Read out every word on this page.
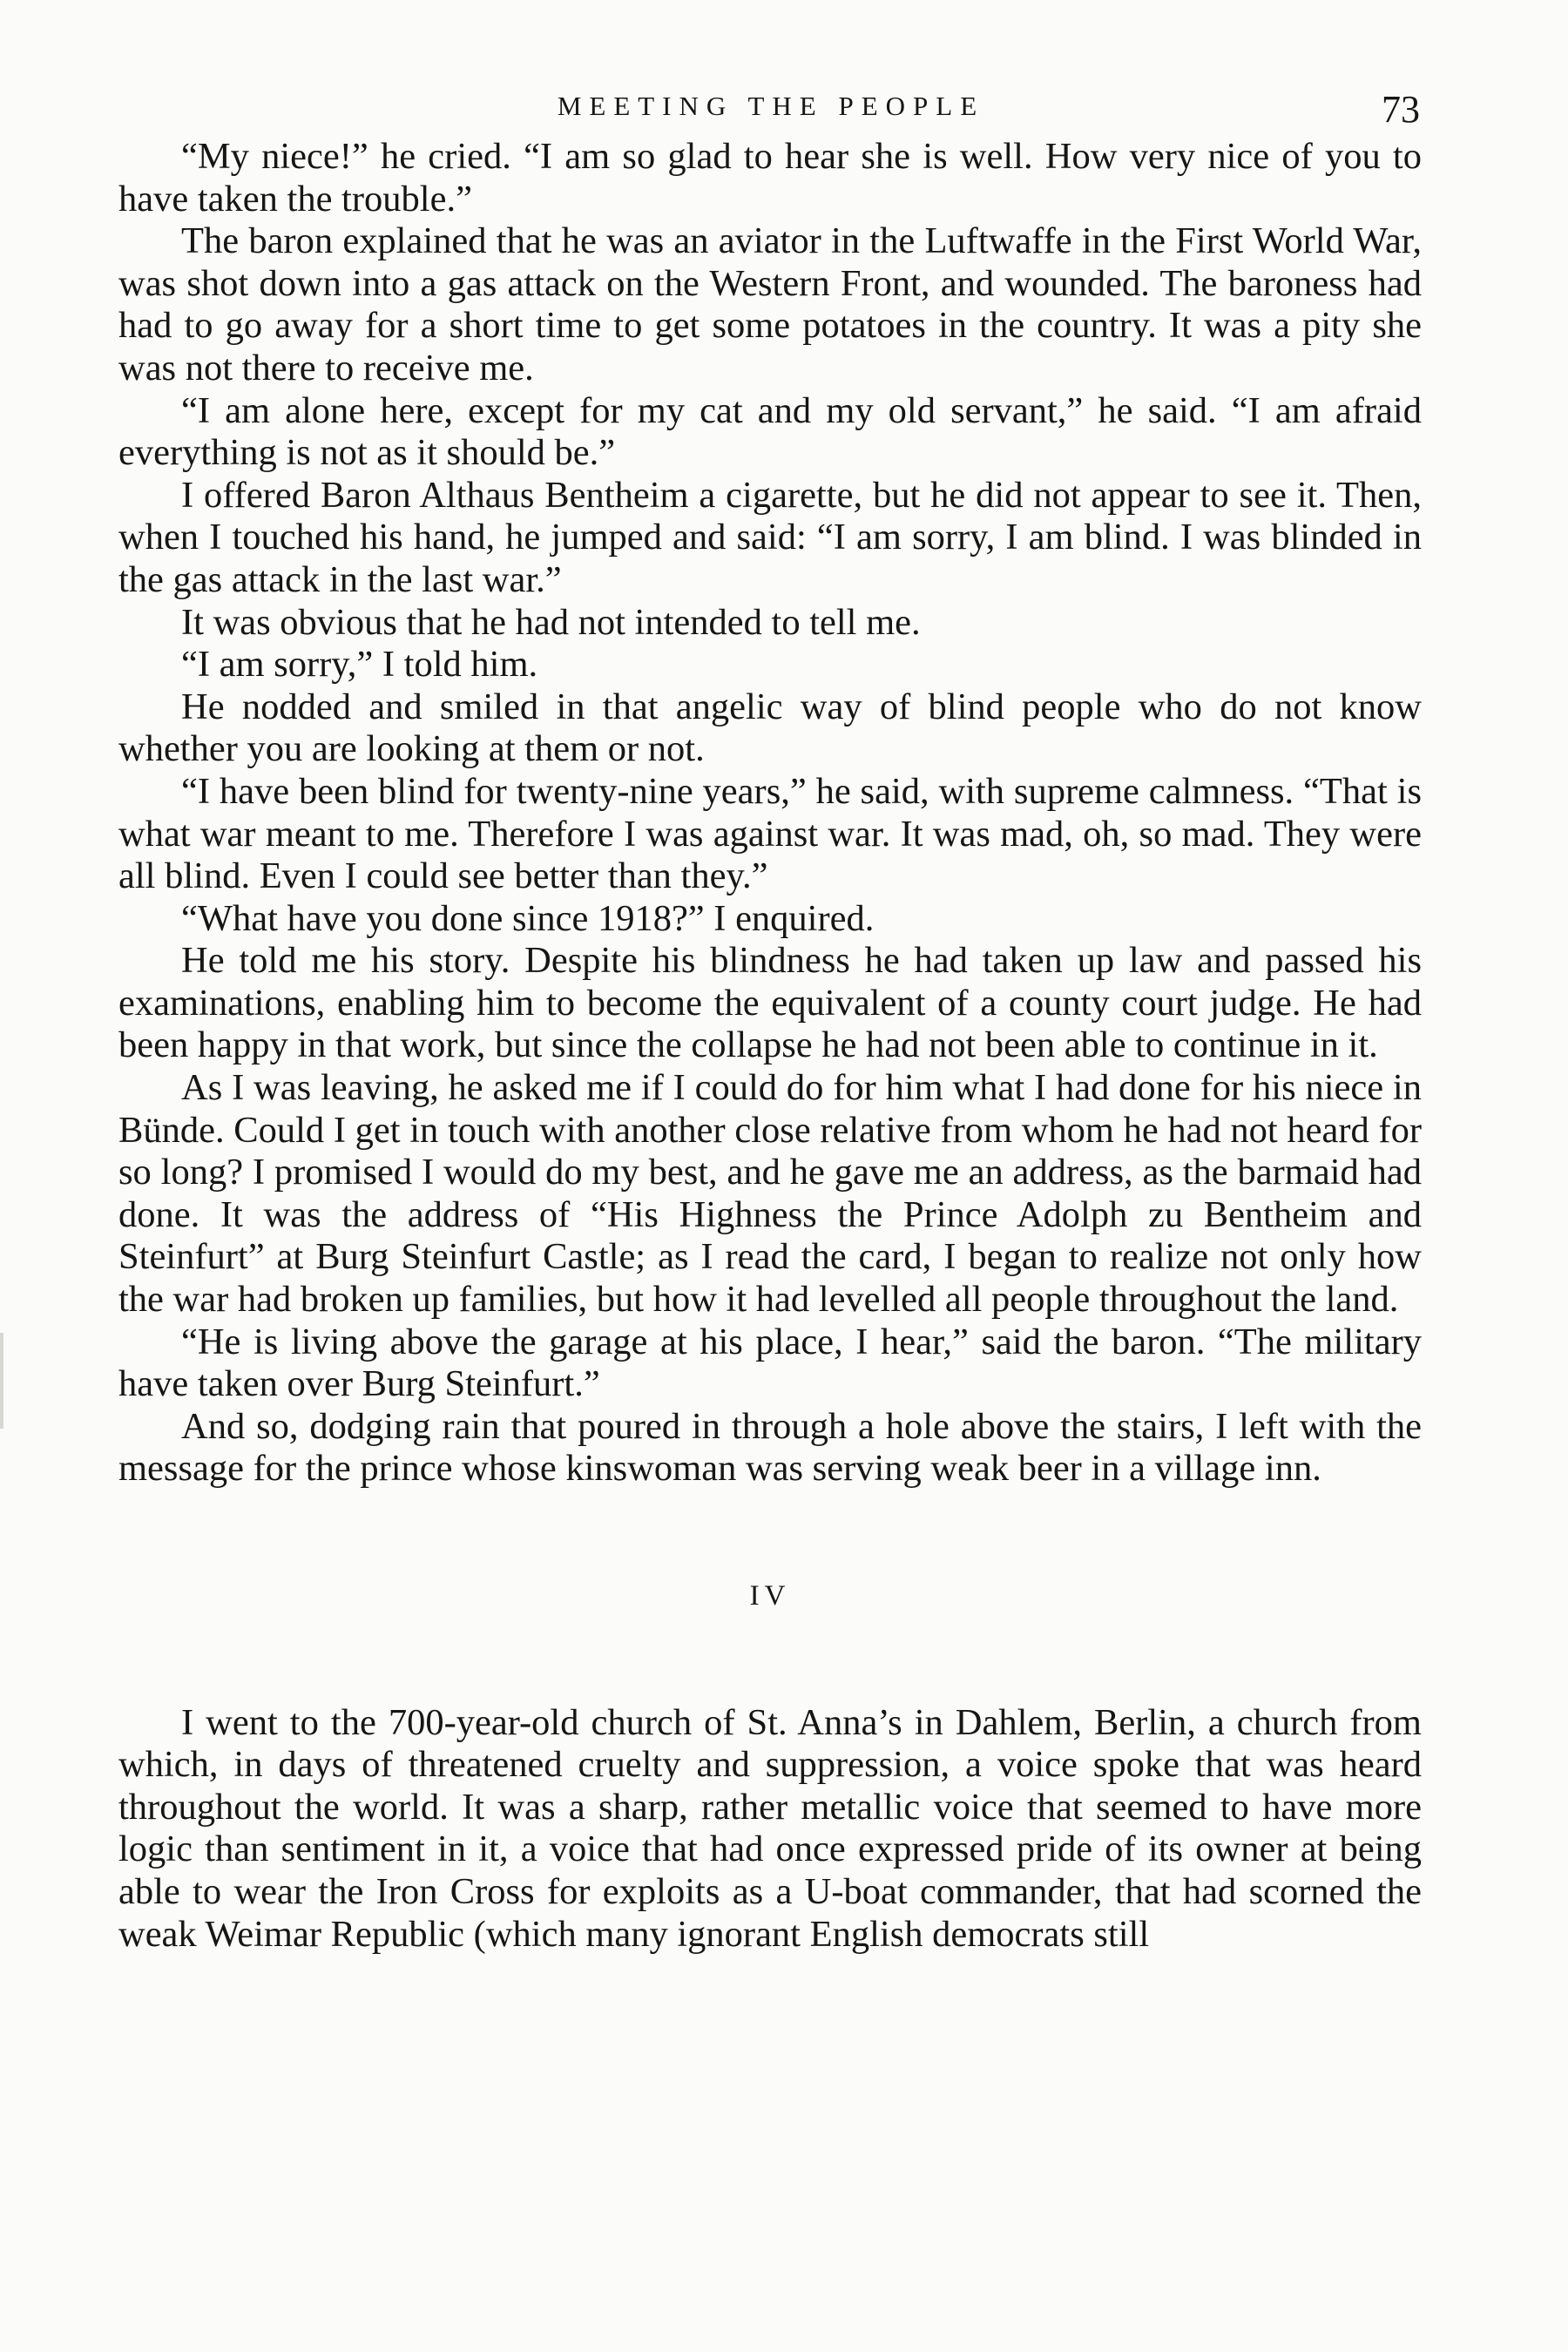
MEETING THE PEOPLE	73

“My niece!” he cried. “I am so glad to hear she is well. How very nice of you to have taken the trouble.”

The baron explained that he was an aviator in the Luftwaffe in the First World War, was shot down into a gas attack on the Western Front, and wounded. The baroness had had to go away for a short time to get some potatoes in the country. It was a pity she was not there to receive me.

“I am alone here, except for my cat and my old servant,” he said. “I am afraid everything is not as it should be.”

I offered Baron Althaus Bentheim a cigarette, but he did not appear to see it. Then, when I touched his hand, he jumped and said: “I am sorry, I am blind. I was blinded in the gas attack in the last war.”

It was obvious that he had not intended to tell me.

“I am sorry,” I told him.

He nodded and smiled in that angelic way of blind people who do not know whether you are looking at them or not.

“I have been blind for twenty-nine years,” he said, with supreme calmness. “That is what war meant to me. Therefore I was against war. It was mad, oh, so mad. They were all blind. Even I could see better than they.”

“What have you done since 1918?” I enquired.

He told me his story. Despite his blindness he had taken up law and passed his examinations, enabling him to become the equivalent of a county court judge. He had been happy in that work, but since the collapse he had not been able to continue in it.

As I was leaving, he asked me if I could do for him what I had done for his niece in Bünde. Could I get in touch with another close relative from whom he had not heard for so long? I promised I would do my best, and he gave me an address, as the barmaid had done. It was the address of “His Highness the Prince Adolph zu Bentheim and Steinfurt” at Burg Steinfurt Castle; as I read the card, I began to realize not only how the war had broken up families, but how it had levelled all people throughout the land.

“He is living above the garage at his place, I hear,” said the baron. “The military have taken over Burg Steinfurt.”

And so, dodging rain that poured in through a hole above the stairs, I left with the message for the prince whose kinswoman was serving weak beer in a village inn.

IV

I went to the 700-year-old church of St. Anna’s in Dahlem, Berlin, a church from which, in days of threatened cruelty and suppression, a voice spoke that was heard throughout the world. It was a sharp, rather metallic voice that seemed to have more logic than sentiment in it, a voice that had once expressed pride of its owner at being able to wear the Iron Cross for exploits as a U-boat commander, that had scorned the weak Weimar Republic (which many ignorant English democrats still
